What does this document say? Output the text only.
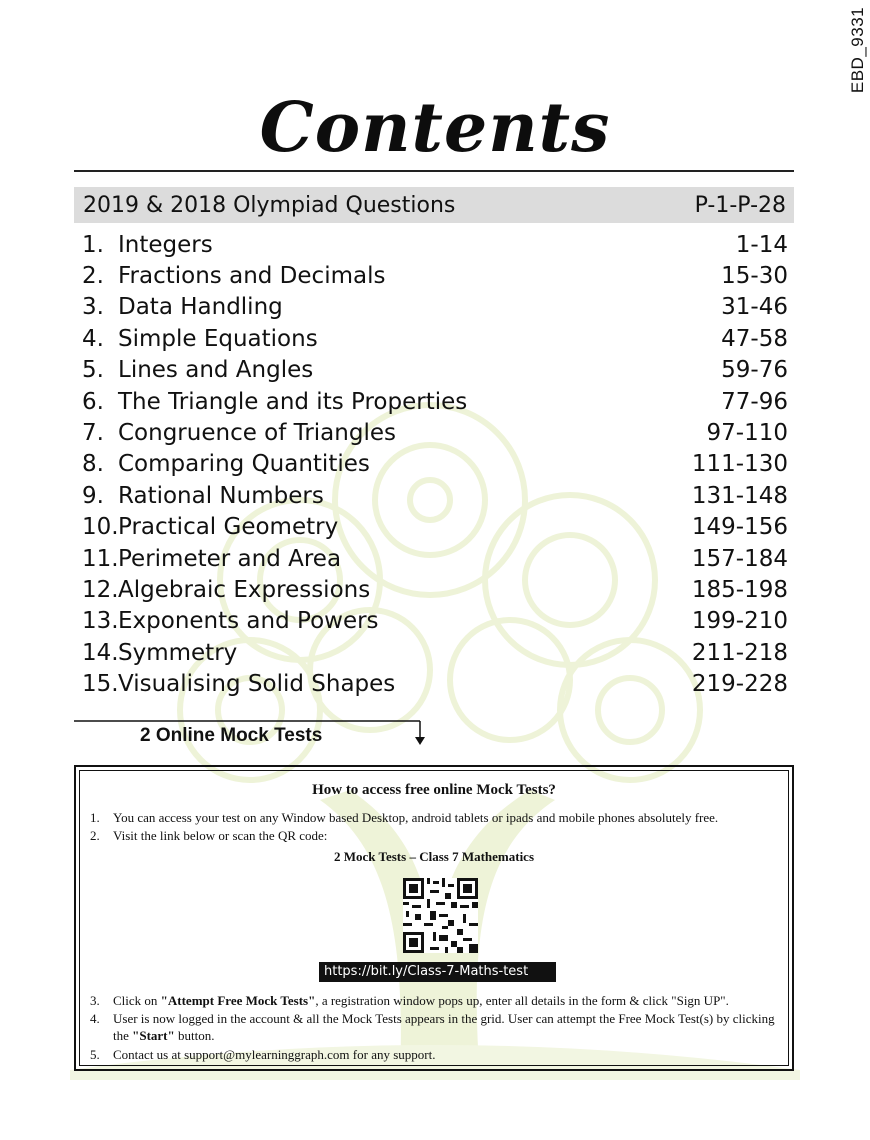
EBD_9331
Contents
2019 & 2018 Olympiad Questions	P-1-P-28
1. Integers	1-14
2. Fractions and Decimals	15-30
3. Data Handling	31-46
4. Simple Equations	47-58
5. Lines and Angles	59-76
6. The Triangle and its Properties	77-96
7. Congruence of Triangles	97-110
8. Comparing Quantities	111-130
9. Rational Numbers	131-148
10. Practical Geometry	149-156
11. Perimeter and Area	157-184
12. Algebraic Expressions	185-198
13. Exponents and Powers	199-210
14. Symmetry	211-218
15. Visualising Solid Shapes	219-228
2 Online Mock Tests
How to access free online Mock Tests?
1. You can access your test on any Window based Desktop, android tablets or ipads and mobile phones absolutely free.
2. Visit the link below or scan the QR code:
2 Mock Tests – Class 7 Mathematics
https://bit.ly/Class-7-Maths-test
3. Click on "Attempt Free Mock Tests", a registration window pops up, enter all details in the form & click "Sign UP".
4. User is now logged in the account & all the Mock Tests appears in the grid. User can attempt the Free Mock Test(s) by clicking the "Start" button.
5. Contact us at support@mylearninggraph.com for any support.
